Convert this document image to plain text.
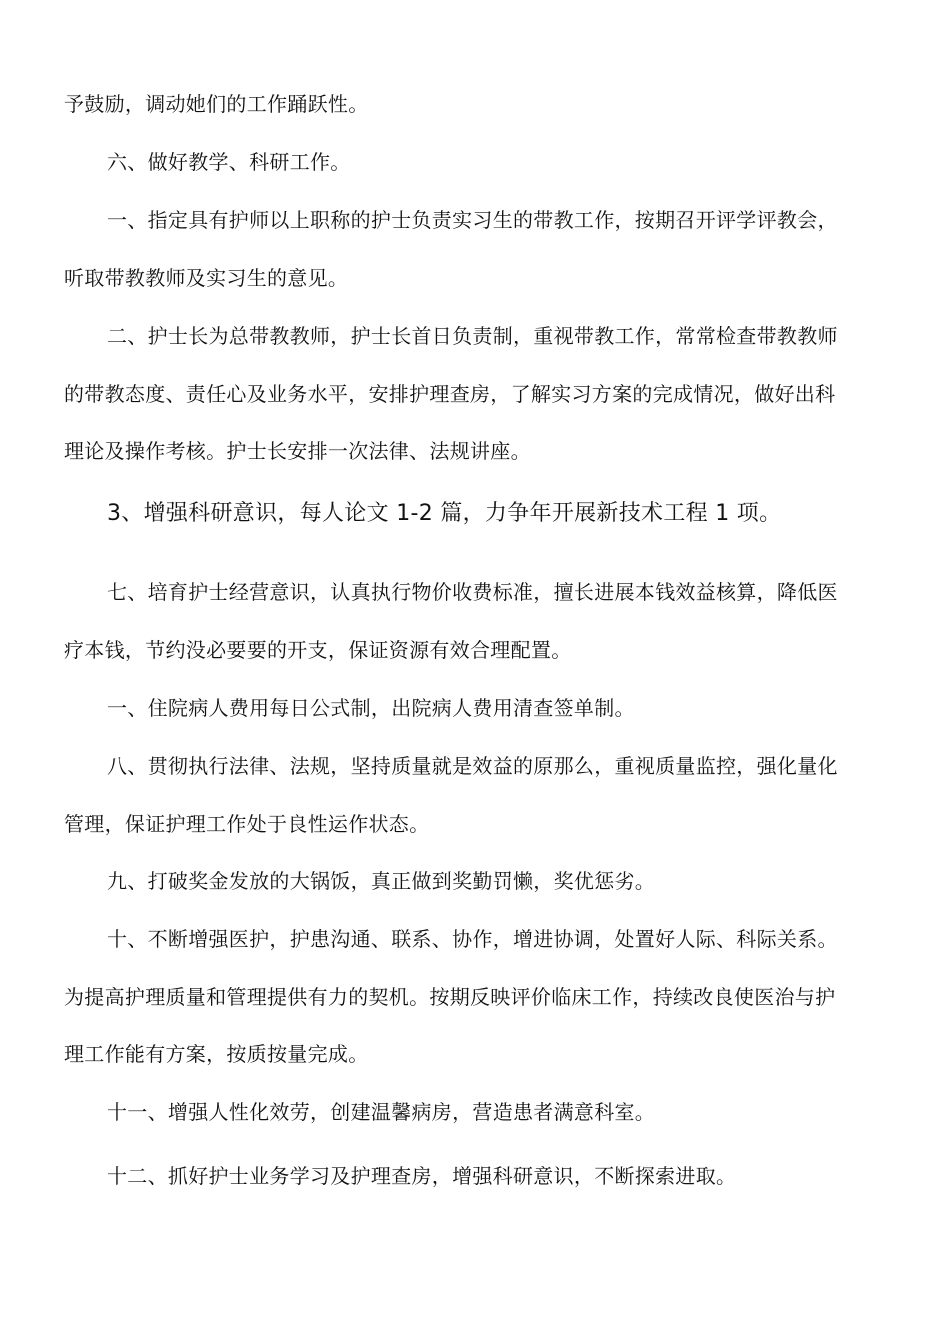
予鼓励，调动她们的工作踊跃性。
六、做好教学、科研工作。
一、指定具有护师以上职称的护士负责实习生的带教工作，按期召开评学评教会，
听取带教教师及实习生的意见。
二、护士长为总带教教师，护士长首日负责制，重视带教工作，常常检查带教教师
的带教态度、责任心及业务水平，安排护理查房，了解实习方案的完成情况，做好出科
理论及操作考核。护士长安排一次法律、法规讲座。
3、增强科研意识，每人论文 1-2 篇，力争年开展新技术工程 1 项。
七、培育护士经营意识，认真执行物价收费标准，擅长进展本钱效益核算，降低医
疗本钱，节约没必要要的开支，保证资源有效合理配置。
一、住院病人费用每日公式制，出院病人费用清查签单制。
八、贯彻执行法律、法规，坚持质量就是效益的原那么，重视质量监控，强化量化
管理，保证护理工作处于良性运作状态。
九、打破奖金发放的大锅饭，真正做到奖勤罚懒，奖优惩劣。
十、不断增强医护，护患沟通、联系、协作，增进协调，处置好人际、科际关系。
为提高护理质量和管理提供有力的契机。按期反映评价临床工作，持续改良使医治与护
理工作能有方案，按质按量完成。
十一、增强人性化效劳，创建温馨病房，营造患者满意科室。
十二、抓好护士业务学习及护理查房，增强科研意识，不断探索进取。
